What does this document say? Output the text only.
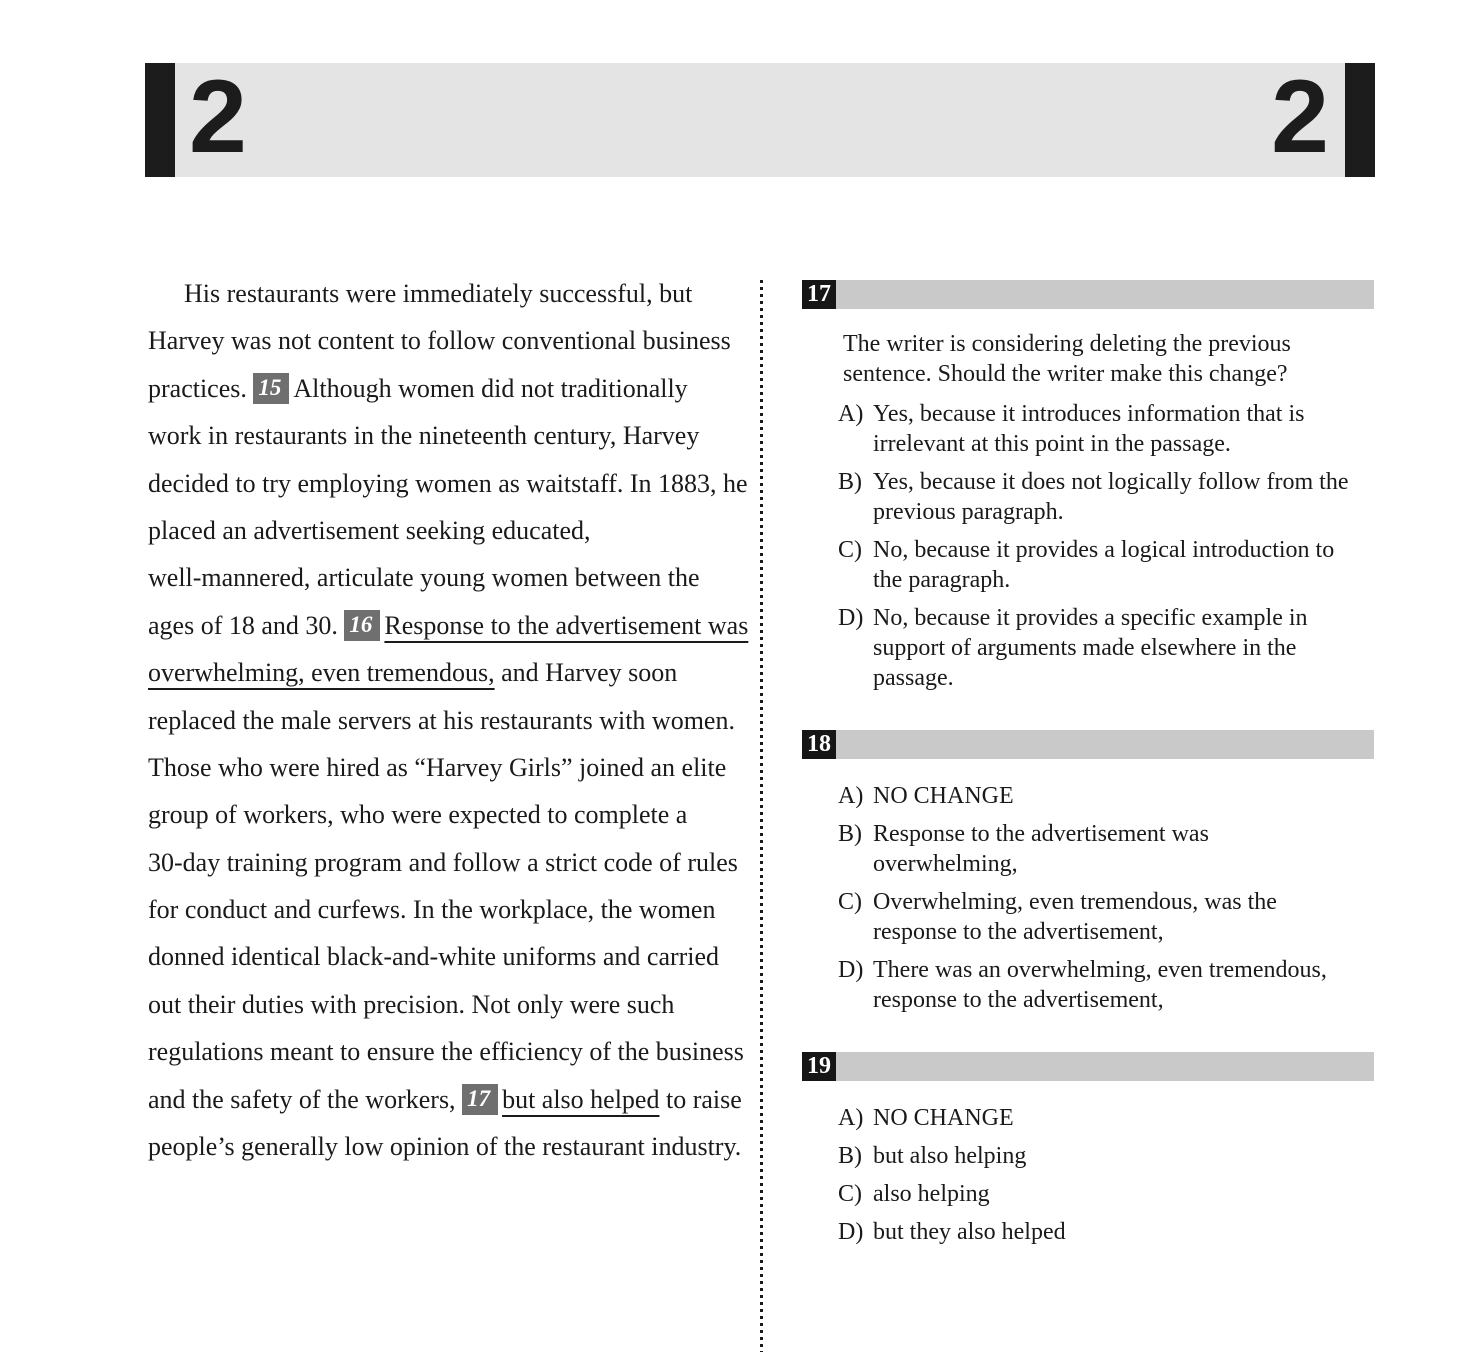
2	2
His restaurants were immediately successful, but
Harvey was not content to follow conventional business
practices. 15 Although women did not traditionally
work in restaurants in the nineteenth century, Harvey
decided to try employing women as waitstaff. In 1883, he
placed an advertisement seeking educated,
well-mannered, articulate young women between the
ages of 18 and 30. 16 Response to the advertisement was
overwhelming, even tremendous, and Harvey soon
replaced the male servers at his restaurants with women.
Those who were hired as “Harvey Girls” joined an elite
group of workers, who were expected to complete a
30-day training program and follow a strict code of rules
for conduct and curfews. In the workplace, the women
donned identical black-and-white uniforms and carried
out their duties with precision. Not only were such
regulations meant to ensure the efficiency of the business
and the safety of the workers, 17 but also helped to raise
people’s generally low opinion of the restaurant industry.
17
The writer is considering deleting the previous
sentence. Should the writer make this change?
A) Yes, because it introduces information that is
irrelevant at this point in the passage.
B) Yes, because it does not logically follow from the
previous paragraph.
C) No, because it provides a logical introduction to
the paragraph.
D) No, because it provides a specific example in
support of arguments made elsewhere in the
passage.
18
A) NO CHANGE
B) Response to the advertisement was
overwhelming,
C) Overwhelming, even tremendous, was the
response to the advertisement,
D) There was an overwhelming, even tremendous,
response to the advertisement,
19
A) NO CHANGE
B) but also helping
C) also helping
D) but they also helped
